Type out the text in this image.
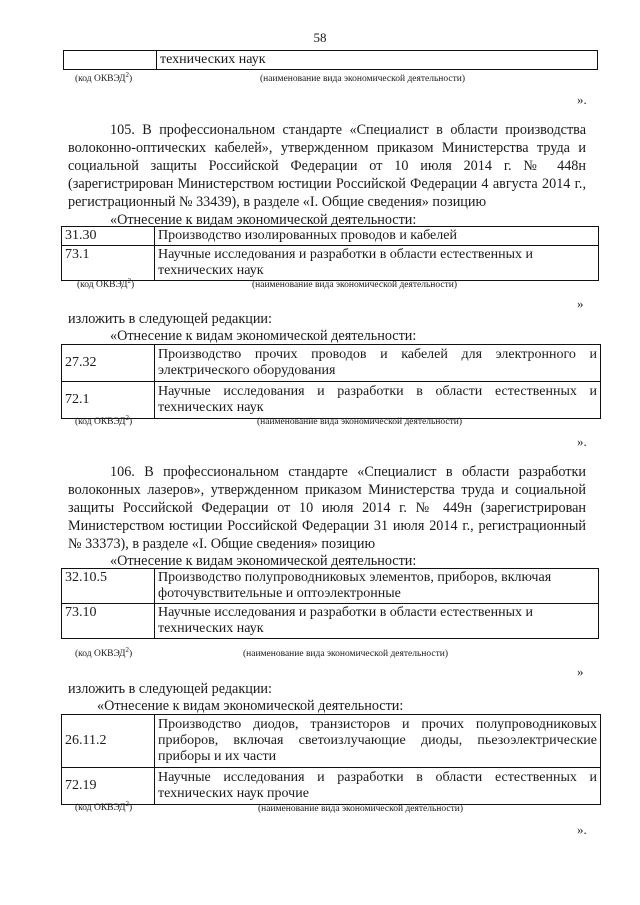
58
	технических наук
(код ОКВЭД$^2$)	(наименование вида экономической деятельности)
».

105. В профессиональном стандарте «Специалист в области производства волоконно-оптических кабелей», утвержденном приказом Министерства труда и социальной защиты Российской Федерации от 10 июля 2014 г. № 448н (зарегистрирован Министерством юстиции Российской Федерации 4 августа 2014 г., регистрационный № 33439), в разделе «I. Общие сведения» позицию

«Отнесение к видам экономической деятельности:

31.30	Производство изолированных проводов и кабелей
73.1	Научные исследования и разработки в области естественных и технических наук
(код ОКВЭД$^2$)	(наименование вида экономической деятельности)
»

изложить в следующей редакции:

«Отнесение к видам экономической деятельности:

27.32	Производство прочих проводов и кабелей для электронного и электрического оборудования
72.1	Научные исследования и разработки в области естественных и технических наук
(код ОКВЭД$^2$)	(наименование вида экономической деятельности)
».

106. В профессиональном стандарте «Специалист в области разработки волоконных лазеров», утвержденном приказом Министерства труда и социальной защиты Российской Федерации от 10 июля 2014 г. № 449н (зарегистрирован Министерством юстиции Российской Федерации 31 июля 2014 г., регистрационный № 33373), в разделе «I. Общие сведения» позицию

«Отнесение к видам экономической деятельности:

32.10.5	Производство полупроводниковых элементов, приборов, включая фоточувствительные и оптоэлектронные
73.10	Научные исследования и разработки в области естественных и технических наук
(код ОКВЭД$^2$)	(наименование вида экономической деятельности)
»

изложить в следующей редакции:

«Отнесение к видам экономической деятельности:

26.11.2	Производство диодов, транзисторов и прочих полупроводниковых приборов, включая светоизлучающие диоды, пьезоэлектрические приборы и их части
72.19	Научные исследования и разработки в области естественных и технических наук прочие
(код ОКВЭД$^2$)	(наименование вида экономической деятельности)
».
